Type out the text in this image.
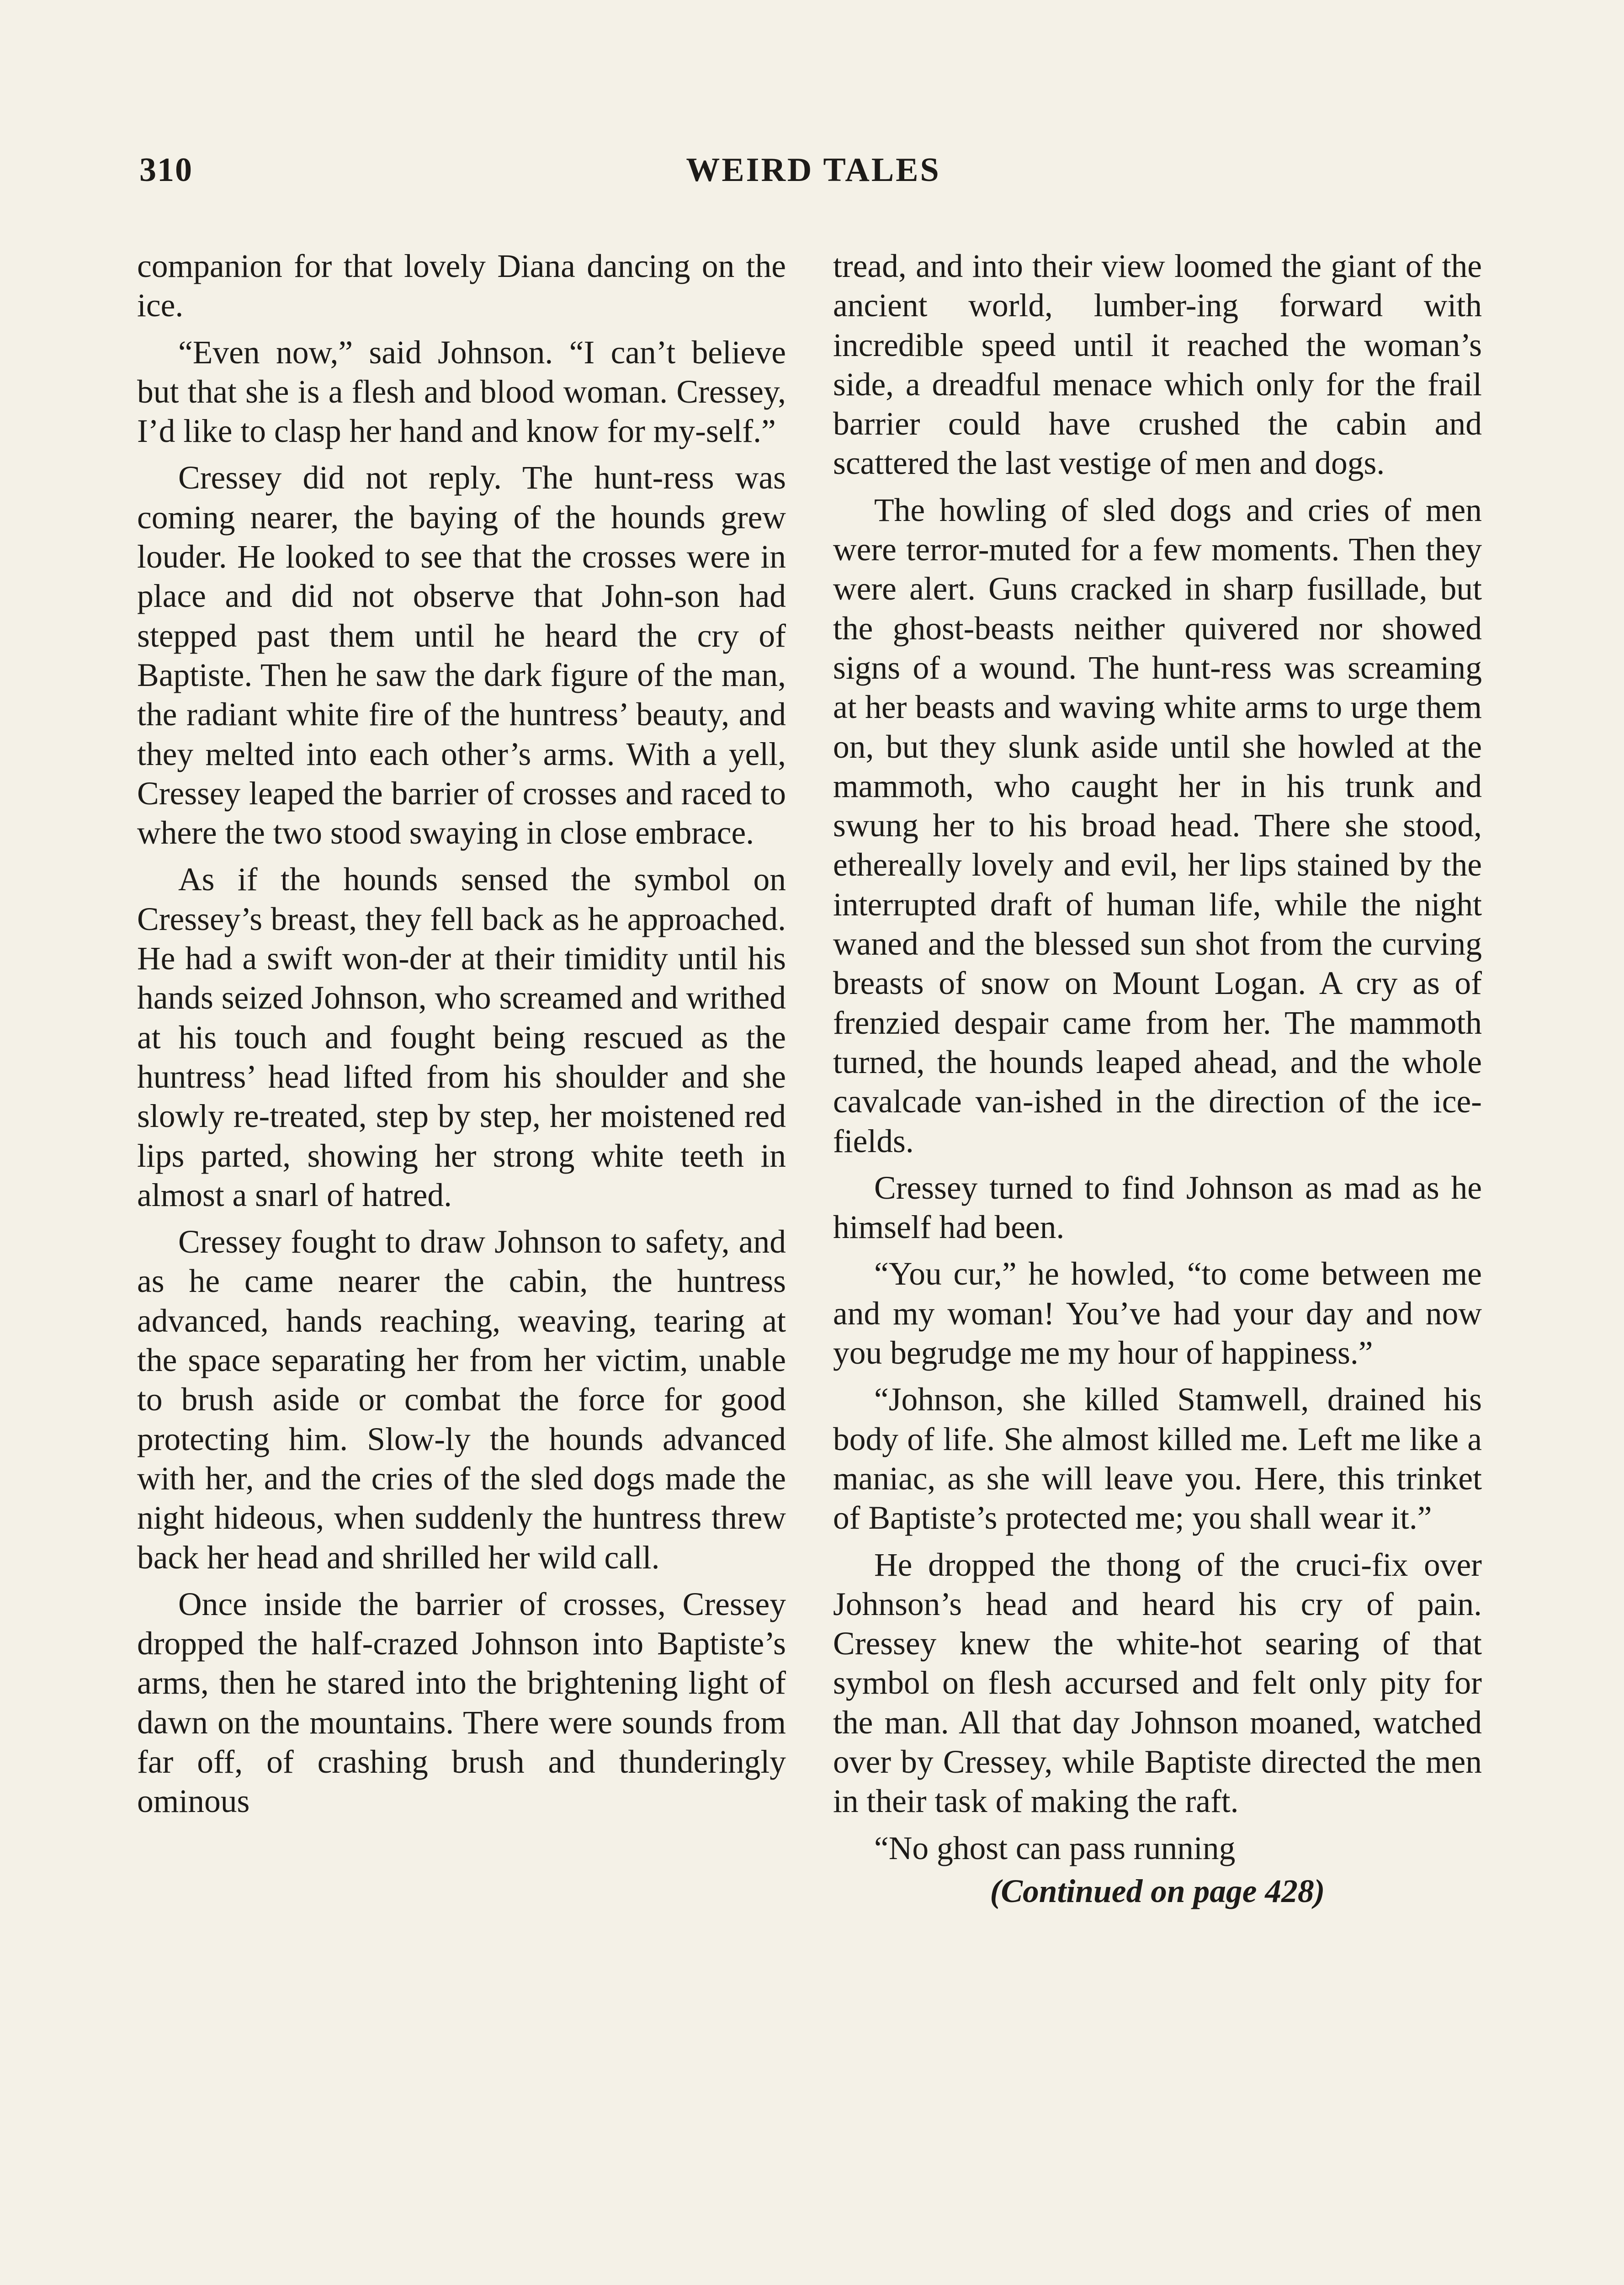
310	WEIRD TALES

companion for that lovely Diana dancing on the ice.

“Even now,” said Johnson. “I can’t believe but that she is a flesh and blood woman. Cressey, I’d like to clasp her hand and know for my-self.”

Cressey did not reply. The hunt-ress was coming nearer, the baying of the hounds grew louder. He looked to see that the crosses were in place and did not observe that John-son had stepped past them until he heard the cry of Baptiste. Then he saw the dark figure of the man, the radiant white fire of the huntress’ beauty, and they melted into each other’s arms. With a yell, Cressey leaped the barrier of crosses and raced to where the two stood swaying in close embrace.

As if the hounds sensed the symbol on Cressey’s breast, they fell back as he approached. He had a swift won-der at their timidity until his hands seized Johnson, who screamed and writhed at his touch and fought being rescued as the huntress’ head lifted from his shoulder and she slowly re-treated, step by step, her moistened red lips parted, showing her strong white teeth in almost a snarl of hatred.

Cressey fought to draw Johnson to safety, and as he came nearer the cabin, the huntress advanced, hands reaching, weaving, tearing at the space separating her from her victim, unable to brush aside or combat the force for good protecting him. Slow-ly the hounds advanced with her, and the cries of the sled dogs made the night hideous, when suddenly the huntress threw back her head and shrilled her wild call.

Once inside the barrier of crosses, Cressey dropped the half-crazed Johnson into Baptiste’s arms, then he stared into the brightening light of dawn on the mountains. There were sounds from far off, of crashing brush and thunderingly ominous

tread, and into their view loomed the giant of the ancient world, lumber-ing forward with incredible speed until it reached the woman’s side, a dreadful menace which only for the frail barrier could have crushed the cabin and scattered the last vestige of men and dogs.

The howling of sled dogs and cries of men were terror-muted for a few moments. Then they were alert. Guns cracked in sharp fusillade, but the ghost-beasts neither quivered nor showed signs of a wound. The hunt-ress was screaming at her beasts and waving white arms to urge them on, but they slunk aside until she howled at the mammoth, who caught her in his trunk and swung her to his broad head. There she stood, ethereally lovely and evil, her lips stained by the interrupted draft of human life, while the night waned and the blessed sun shot from the curving breasts of snow on Mount Logan. A cry as of frenzied despair came from her. The mammoth turned, the hounds leaped ahead, and the whole cavalcade van-ished in the direction of the ice-fields.

Cressey turned to find Johnson as mad as he himself had been.

“You cur,” he howled, “to come between me and my woman! You’ve had your day and now you begrudge me my hour of happiness.”

“Johnson, she killed Stamwell, drained his body of life. She almost killed me. Left me like a maniac, as she will leave you. Here, this trinket of Baptiste’s protected me; you shall wear it.”

He dropped the thong of the cruci-fix over Johnson’s head and heard his cry of pain. Cressey knew the white-hot searing of that symbol on flesh accursed and felt only pity for the man. All that day Johnson moaned, watched over by Cressey, while Baptiste directed the men in their task of making the raft.

“No ghost can pass running

(Continued on page 428)
